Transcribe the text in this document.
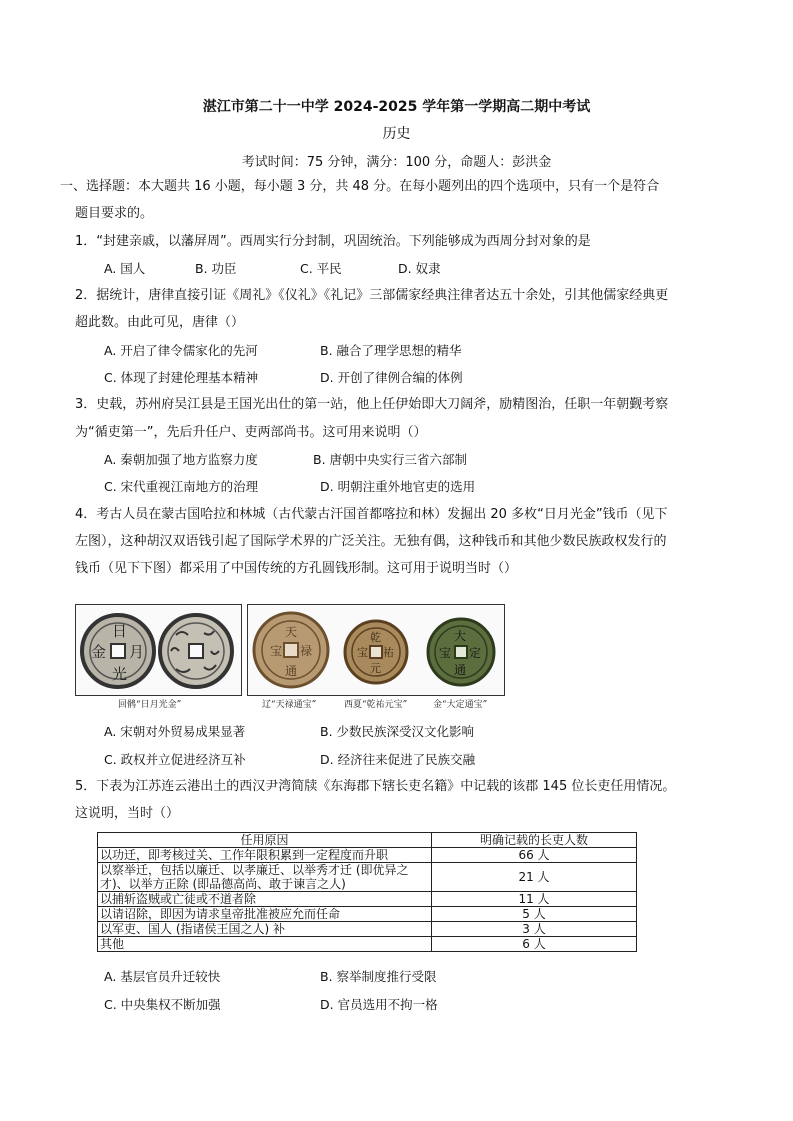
湛江市第二十一中学 2024-2025 学年第一学期高二期中考试
历史
考试时间：75 分钟，满分：100 分，命题人：彭洪金
一、选择题：本大题共 16 小题，每小题 3 分，共 48 分。在每小题列出的四个选项中，只有一个是符合
题目要求的。
1．“封建亲戚，以藩屏周”。西周实行分封制，巩固统治。下列能够成为西周分封对象的是
A. 国人	B. 功臣	C. 平民	D. 奴隶
2．据统计，唐律直接引证《周礼》《仪礼》《礼记》三部儒家经典注律者达五十余处，引其他儒家经典更
超此数。由此可见，唐律（）
A. 开启了律令儒家化的先河	B. 融合了理学思想的精华
C. 体现了封建伦理基本精神	D. 开创了律例合编的体例
3．史载，苏州府吴江县是王国光出仕的第一站，他上任伊始即大刀阔斧，励精图治，任职一年朝觐考察
为“循吏第一”，先后升任户、吏两部尚书。这可用来说明（）
A. 秦朝加强了地方监察力度	B. 唐朝中央实行三省六部制
C. 宋代重视江南地方的治理	D. 明朝注重外地官吏的选用
4．考古人员在蒙古国哈拉和林城（古代蒙古汗国首都喀拉和林）发掘出 20 多枚“日月光金”钱币（见下
左图），这种胡汉双语钱引起了国际学术界的广泛关注。无独有偶，这种钱币和其他少数民族政权发行的
钱币（见下下图）都采用了中国传统的方孔圆钱形制。这可用于说明当时（）
日
月
光
金
回鹘“日月光金”
天
禄
通
宝
乾
祐
元
宝
大
定
通
宝
辽“天禄通宝”	西夏“乾祐元宝”	金“大定通宝”
A. 宋朝对外贸易成果显著	B. 少数民族深受汉文化影响
C. 政权并立促进经济互补	D. 经济往来促进了民族交融
5．下表为江苏连云港出土的西汉尹湾简牍《东海郡下辖长吏名籍》中记载的该郡 145 位长吏任用情况。
这说明，当时（）
任用原因	明确记载的长吏人数
以功迁，即考核过关、工作年限积累到一定程度而升职	66 人
以察举迁，包括以廉迁、以孝廉迁、以举秀才迁 (即优异之才)、以举方正除 (即品德高尚、敢于谏言之人)	21 人
以捕斩盗贼或亡徒或不道者除	11 人
以请诏除，即因为请求皇帝批准被应允而任命	5 人
以军吏、国人 (指诸侯王国之人) 补	3 人
其他	6 人
A. 基层官员升迁较快	B. 察举制度推行受限
C. 中央集权不断加强	D. 官员选用不拘一格
